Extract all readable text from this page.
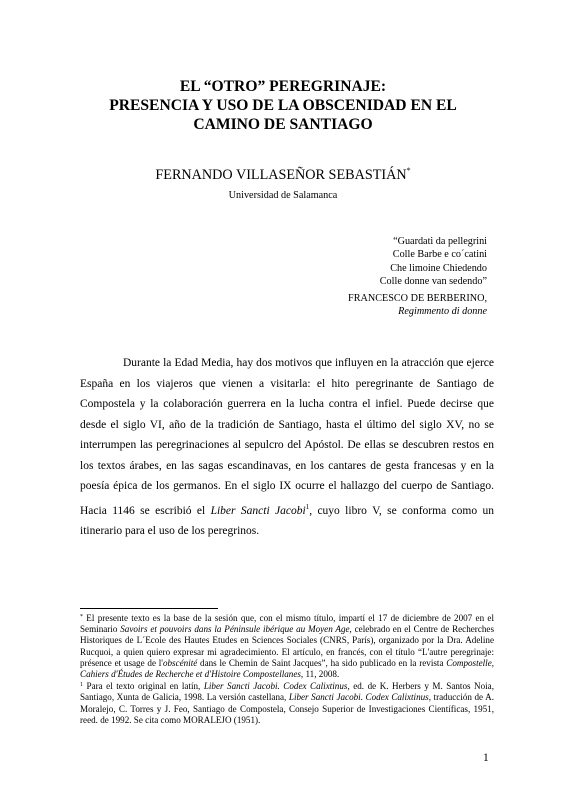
EL “OTRO” PEREGRINAJE:
PRESENCIA Y USO DE LA OBSCENIDAD EN EL
CAMINO DE SANTIAGO
FERNANDO VILLASEÑOR SEBASTIÁN*
Universidad de Salamanca
“Guardati da pellegrini
Colle Barbe e co´catini
Che limoine Chiedendo
Colle donne van sedendo”
FRANCESCO DE BERBERINO,
Regimmento di donne

Durante la Edad Media, hay dos motivos que influyen en la atracción que ejerce España en los viajeros que vienen a visitarla: el hito peregrinante de Santiago de Compostela y la colaboración guerrera en la lucha contra el infiel. Puede decirse que desde el siglo VI, año de la tradición de Santiago, hasta el último del siglo XV, no se interrumpen las peregrinaciones al sepulcro del Apóstol. De ellas se descubren restos en los textos árabes, en las sagas escandinavas, en los cantares de gesta francesas y en la poesía épica de los germanos. En el siglo IX ocurre el hallazgo del cuerpo de Santiago. Hacia 1146 se escribió el Liber Sancti Jacobi$^1$, cuyo libro V, se conforma como un itinerario para el uso de los peregrinos.

* El presente texto es la base de la sesión que, con el mismo título, impartí el 17 de diciembre de 2007 en el Seminario Savoirs et pouvoirs dans la Péninsule ibérique au Moyen Age, celebrado en el Centre de Recherches Historiques de L´Ecole des Hautes Etudes en Sciences Sociales (CNRS, París), organizado por la Dra. Adeline Rucquoi, a quien quiero expresar mi agradecimiento. El artículo, en francés, con el título “L'autre peregrinaje: présence et usage de l'obscénité dans le Chemin de Saint Jacques”, ha sido publicado en la revista Compostelle, Cahiers d'Études de Recherche et d'Histoire Compostellanes, 11, 2008.

$^1$ Para el texto original en latín, Liber Sancti Jacobi. Codex Calixtinus, ed. de K. Herbers y M. Santos Noia, Santiago, Xunta de Galicia, 1998. La versión castellana, Liber Sancti Jacobi. Codex Calixtinus, traducción de A. Moralejo, C. Torres y J. Feo, Santiago de Compostela, Consejo Superior de Investigaciones Científicas, 1951, reed. de 1992. Se cita como MORALEJO (1951).

1
